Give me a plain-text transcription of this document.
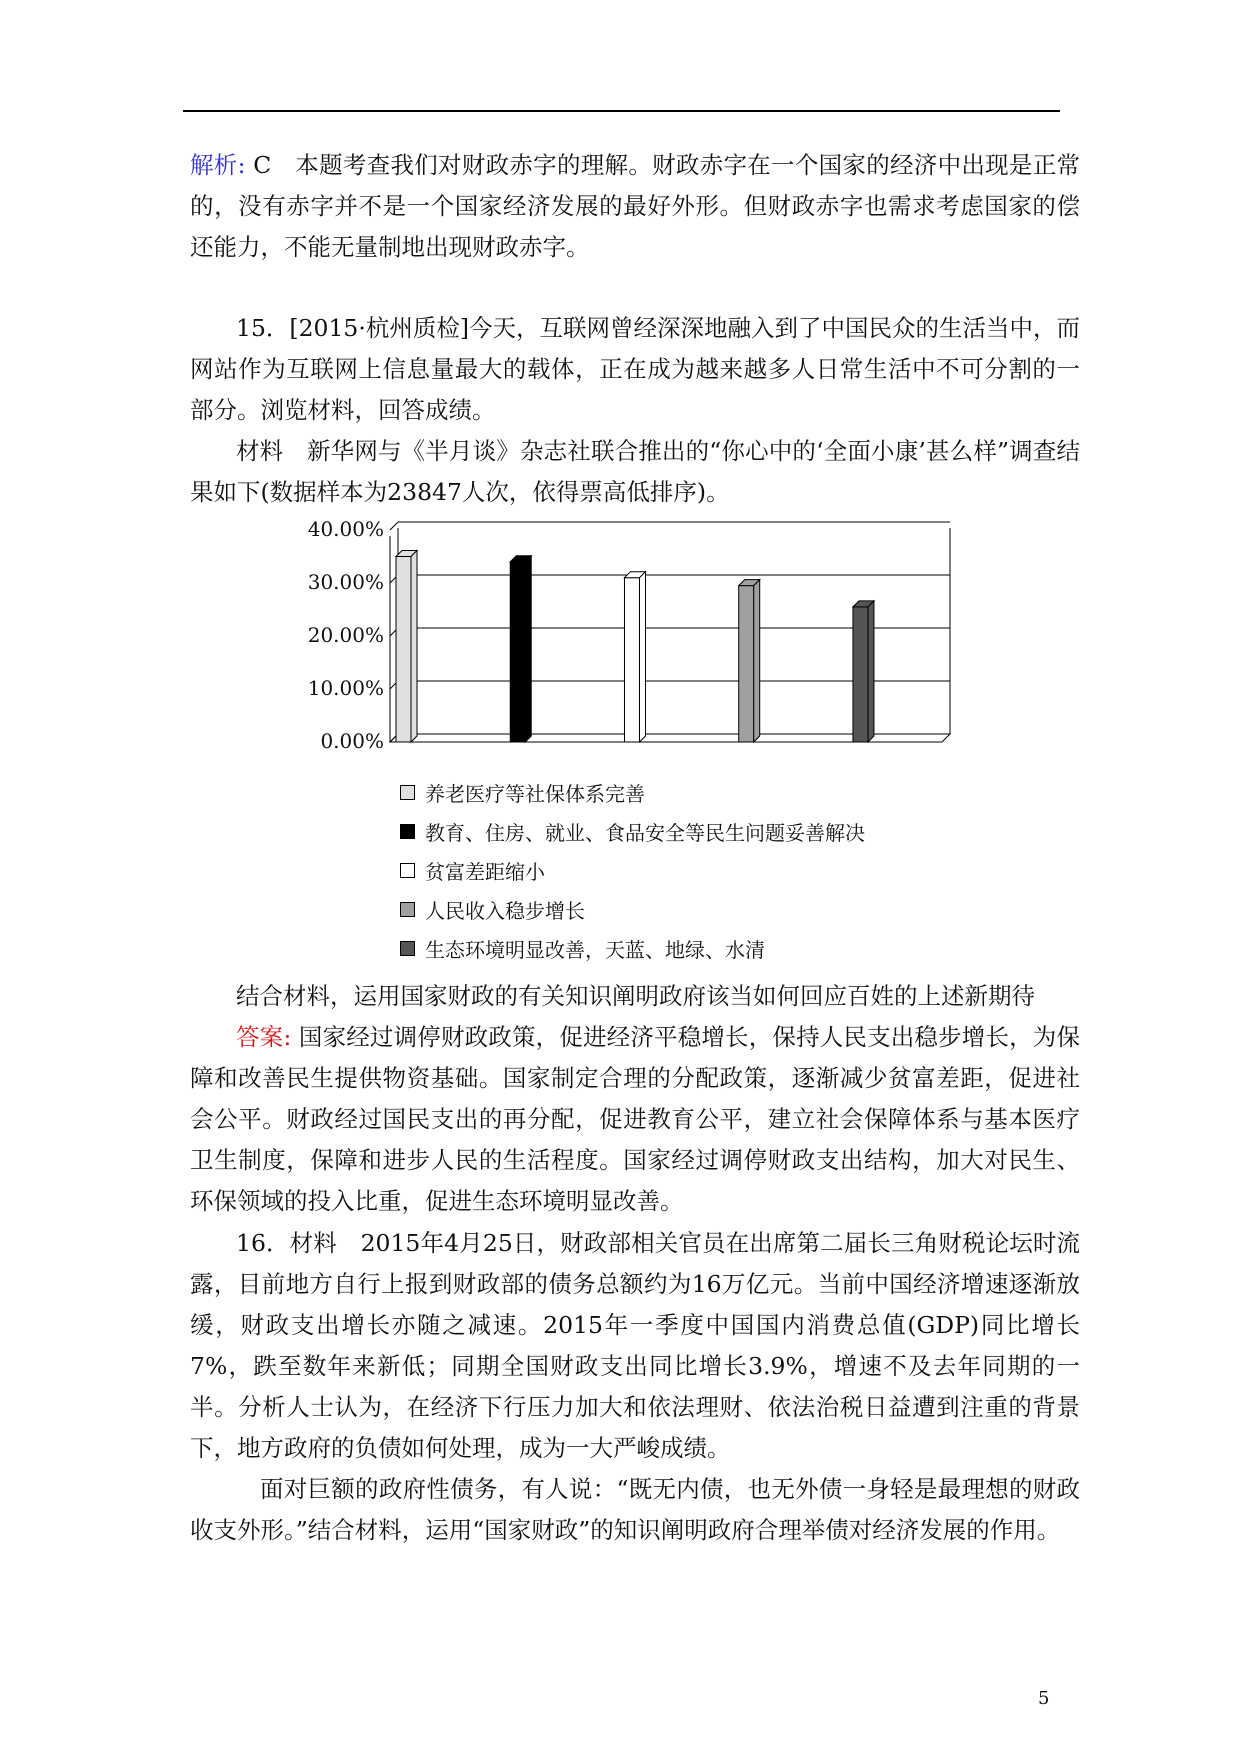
解析: C　本题考查我们对财政赤字的理解。财政赤字在一个国家的经济中出现是正常的，没有赤字并不是一个国家经济发展的最好外形。但财政赤字也需求考虑国家的偿还能力，不能无量制地出现财政赤字。

15．[2015·杭州质检]今天，互联网曾经深深地融入到了中国民众的生活当中，而网站作为互联网上信息量最大的载体，正在成为越来越多人日常生活中不可分割的一部分。浏览材料，回答成绩。

材料　新华网与《半月谈》杂志社联合推出的“你心中的‘全面小康’甚么样”调查结果如下(数据样本为23847人次，依得票高低排序)。

0.00%
10.00%
20.00%
30.00%
40.00%
养老医疗等社保体系完善
教育、住房、就业、食品安全等民生问题妥善解决
贫富差距缩小
人民收入稳步增长
生态环境明显改善，天蓝、地绿、水清

结合材料，运用国家财政的有关知识阐明政府该当如何回应百姓的上述新期待

答案: 国家经过调停财政政策，促进经济平稳增长，保持人民支出稳步增长，为保障和改善民生提供物资基础。国家制定合理的分配政策，逐渐减少贫富差距，促进社会公平。财政经过国民支出的再分配，促进教育公平，建立社会保障体系与基本医疗卫生制度，保障和进步人民的生活程度。国家经过调停财政支出结构，加大对民生、环保领域的投入比重，促进生态环境明显改善。

16．材料　2015年4月25日，财政部相关官员在出席第二届长三角财税论坛时流露，目前地方自行上报到财政部的债务总额约为16万亿元。当前中国经济增速逐渐放缓，财政支出增长亦随之减速。2015年一季度中国国内消费总值(GDP)同比增长7%，跌至数年来新低；同期全国财政支出同比增长3.9%，增速不及去年同期的一半。分析人士认为，在经济下行压力加大和依法理财、依法治税日益遭到注重的背景下，地方政府的负债如何处理，成为一大严峻成绩。

面对巨额的政府性债务，有人说：“既无内债，也无外债一身轻是最理想的财政收支外形。”结合材料，运用“国家财政”的知识阐明政府合理举债对经济发展的作用。

5
